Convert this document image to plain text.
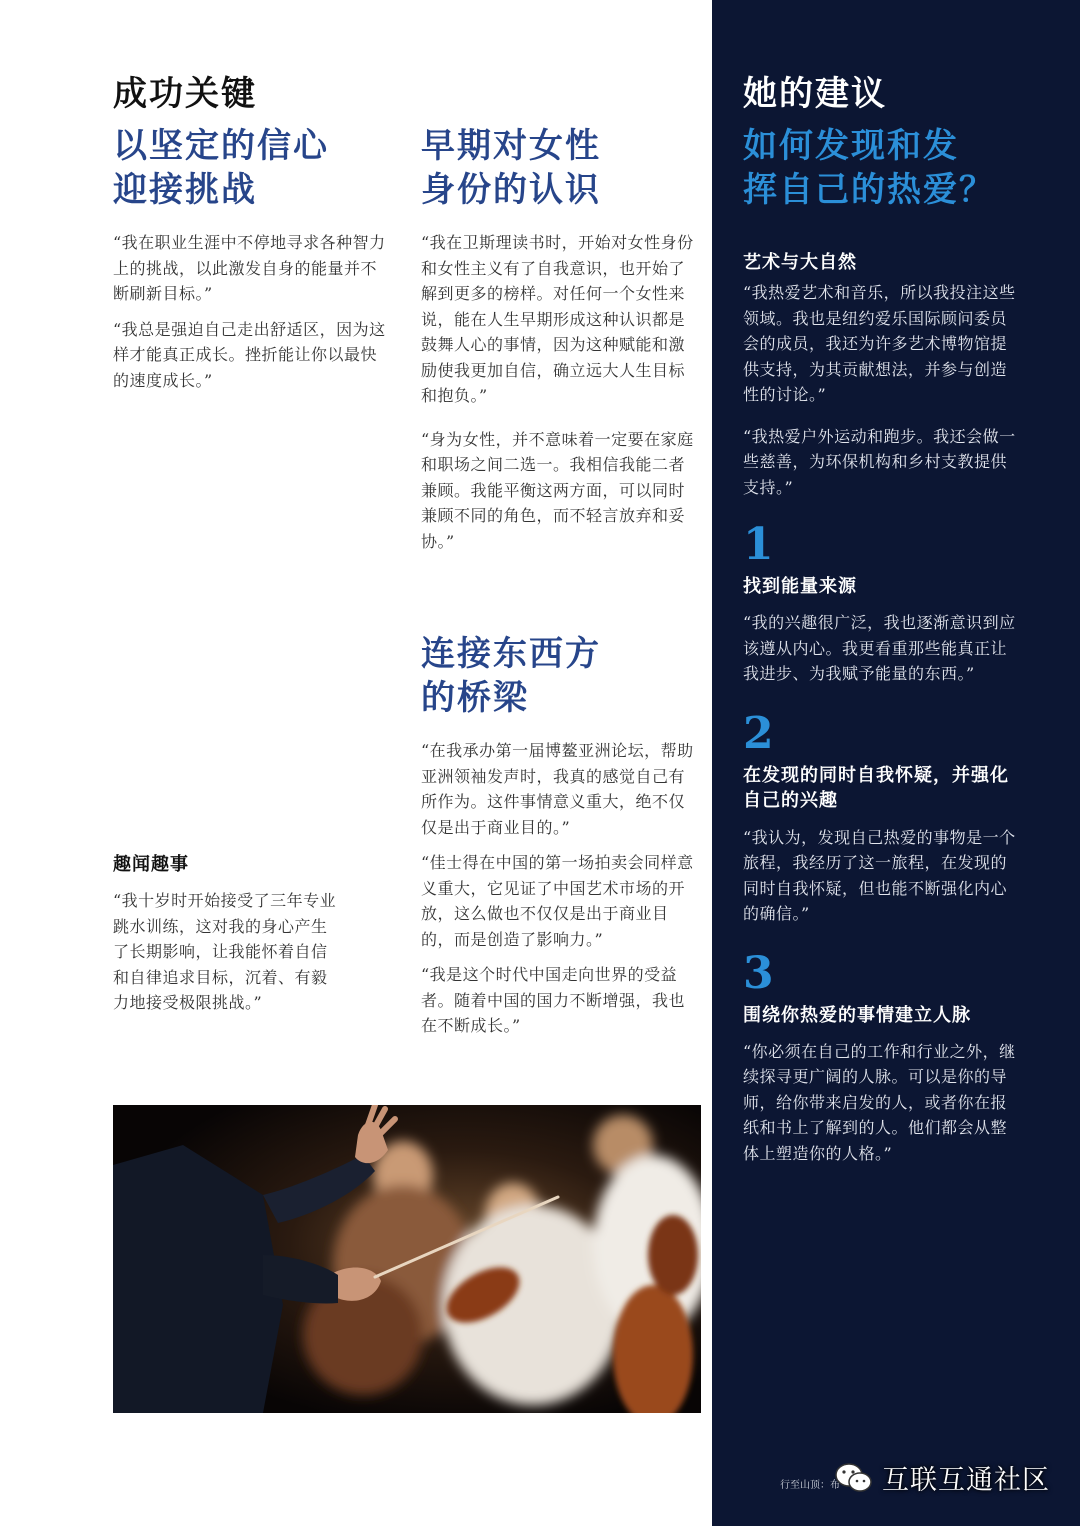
成功关键
以坚定的信心
迎接挑战

“我在职业生涯中不停地寻求各种智力上的挑战，以此激发自身的能量并不断刷新目标。”

“我总是强迫自己走出舒适区，因为这样才能真正成长。挫折能让你以最快的速度成长。”

早期对女性
身份的认识

“我在卫斯理读书时，开始对女性身份和女性主义有了自我意识，也开始了解到更多的榜样。对任何一个女性来说，能在人生早期形成这种认识都是鼓舞人心的事情，因为这种赋能和激励使我更加自信，确立远大人生目标和抱负。”

“身为女性，并不意味着一定要在家庭和职场之间二选一。我相信我能二者兼顾。我能平衡这两方面，可以同时兼顾不同的角色，而不轻言放弃和妥协。”

连接东西方
的桥梁

“在我承办第一届博鳌亚洲论坛，帮助亚洲领袖发声时，我真的感觉自己有所作为。这件事情意义重大，绝不仅仅是出于商业目的。”

“佳士得在中国的第一场拍卖会同样意义重大，它见证了中国艺术市场的开放，这么做也不仅仅是出于商业目的，而是创造了影响力。”

“我是这个时代中国走向世界的受益者。随着中国的国力不断增强，我也在不断成长。”

趣闻趣事

“我十岁时开始接受了三年专业跳水训练，这对我的身心产生了长期影响，让我能怀着自信和自律追求目标，沉着、有毅力地接受极限挑战。”

她的建议
如何发现和发
挥自己的热爱？
艺术与大自然

“我热爱艺术和音乐，所以我投注这些领域。我也是纽约爱乐国际顾问委员会的成员，我还为许多艺术博物馆提供支持，为其贡献想法，并参与创造性的讨论。”

“我热爱户外运动和跑步。我还会做一些慈善，为环保机构和乡村支教提供支持。”

1
找到能量来源

“我的兴趣很广泛，我也逐渐意识到应该遵从内心。我更看重那些能真正让我进步、为我赋予能量的东西。”

2
在发现的同时自我怀疑，并强化自己的兴趣

“我认为，发现自己热爱的事物是一个旅程，我经历了这一旅程，在发现的同时自我怀疑，但也能不断强化内心的确信。”

3
围绕你热爱的事情建立人脉

“你必须在自己的工作和行业之外，继续探寻更广阔的人脉。可以是你的导师，给你带来启发的人，或者你在报纸和书上了解到的人。他们都会从整体上塑造你的人格。”

行至山顶：布 互联互通社区
